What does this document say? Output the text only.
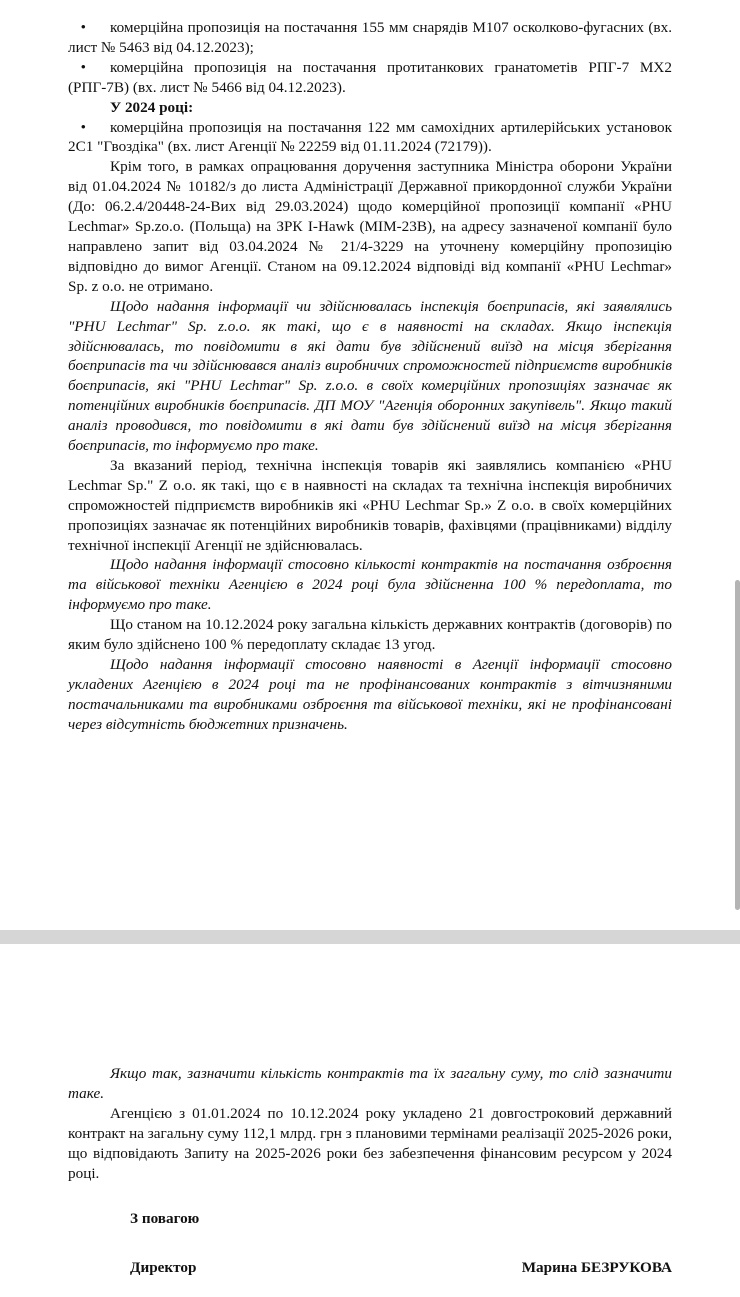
• комерційна пропозиція на постачання 155 мм снарядів М107 осколково-фугасних (вх. лист № 5463 від 04.12.2023);

• комерційна пропозиція на постачання протитанкових гранатометів РПГ-7 МХ2 (РПГ-7В) (вх. лист № 5466 від 04.12.2023).

У 2024 році:

• комерційна пропозиція на постачання 122 мм самохідних артилерійських установок 2С1 "Гвоздіка" (вх. лист Агенції № 22259 від 01.11.2024 (72179)).

Крім того, в рамках опрацювання доручення заступника Міністра оборони України від 01.04.2024 № 10182/з до листа Адміністрації Державної прикордонної служби України (До: 06.2.4/20448-24-Вих від 29.03.2024) щодо комерційної пропозиції компанії «PHU Lechmar» Sp.zo.o. (Польща) на ЗРК I-Hawk (MIM-23В), на адресу зазначеної компанії було направлено запит від 03.04.2024 № 21/4-3229 на уточнену комерційну пропозицію відповідно до вимог Агенції. Станом на 09.12.2024 відповіді від компанії «PHU Lechmar» Sp. z o.o. не отримано.

Щодо надання інформації чи здійснювалась інспекція боєприпасів, які заявлялись "PHU Lechmar" Sp. z.o.o. як такі, що є в наявності на складах. Якщо інспекція здійснювалась, то повідомити в які дати був здійснений виїзд на місця зберігання боєприпасів та чи здійснювався аналіз виробничих спроможностей підприємств виробників боєприпасів, які "PHU Lechmar" Sp. z.o.o. в своїх комерційних пропозиціях зазначає як потенційних виробників боєприпасів. ДП МОУ "Агенція оборонних закупівель". Якщо такий аналіз проводився, то повідомити в які дати був здійснений виїзд на місця зберігання боєприпасів, то інформуємо про таке.

За вказаний період, технічна інспекція товарів які заявлялись компанією «PHU Lechmar Sp." Z о.о. як такі, що є в наявності на складах та технічна інспекція виробничих спроможностей підприємств виробників які «PHU Lechmar Sp.» Z о.о. в своїх комерційних пропозиціях зазначає як потенційних виробників товарів, фахівцями (працівниками) відділу технічної інспекції Агенції не здійснювалась.

Щодо надання інформації стосовно кількості контрактів на постачання озброєння та військової техніки Агенцією в 2024 році була здійсненна 100 % передоплата, то інформуємо про таке.

Що станом на 10.12.2024 року загальна кількість державних контрактів (договорів) по яким було здійснено 100 % передоплату складає 13 угод.

Щодо надання інформації стосовно наявності в Агенції інформації стосовно укладених Агенцією в 2024 році та не профінансованих контрактів з вітчизняними постачальниками та виробниками озброєння та військової техніки, які не профінансовані через відсутність бюджетних призначень.

Якщо так, зазначити кількість контрактів та їх загальну суму, то слід зазначити таке.

Агенцією з 01.01.2024 по 10.12.2024 року укладено 21 довгостроковий державний контракт на загальну суму 112,1 млрд. грн з плановими термінами реалізації 2025-2026 роки, що відповідають Запиту на 2025-2026 роки без забезпечення фінансовим ресурсом у 2024 році.

З повагою

Директор	Марина БЕЗРУКОВА
